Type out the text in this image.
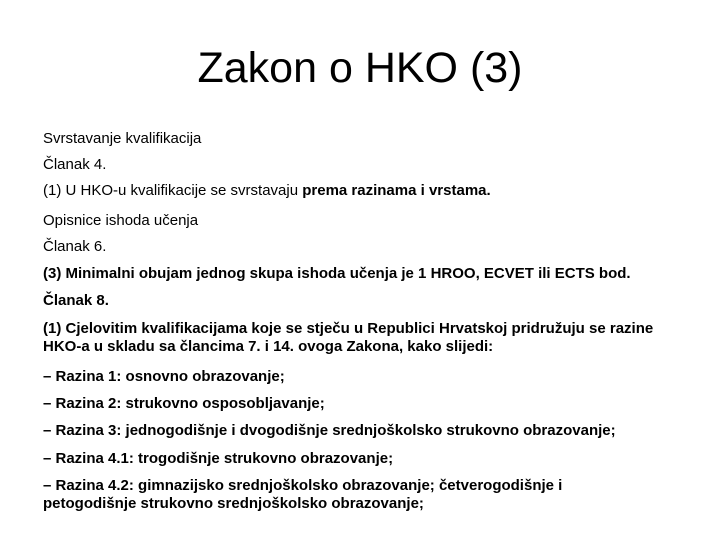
Zakon o HKO (3)

Svrstavanje kvalifikacija

Članak 4.

(1) U HKO-u kvalifikacije se svrstavaju prema razinama i vrstama.

Opisnice ishoda učenja

Članak 6.

(3) Minimalni obujam jednog skupa ishoda učenja je 1 HROO, ECVET ili ECTS bod.

Članak 8.

(1) Cjelovitim kvalifikacijama koje se stječu u Republici Hrvatskoj pridružuju se razine HKO-a u skladu sa člancima 7. i 14. ovoga Zakona, kako slijedi:

– Razina 1: osnovno obrazovanje;

– Razina 2: strukovno osposobljavanje;

– Razina 3: jednogodišnje i dvogodišnje srednjoškolsko strukovno obrazovanje;

– Razina 4.1: trogodišnje strukovno obrazovanje;

– Razina 4.2: gimnazijsko srednjoškolsko obrazovanje; četverogodišnje i petogodišnje strukovno srednjoškolsko obrazovanje;
